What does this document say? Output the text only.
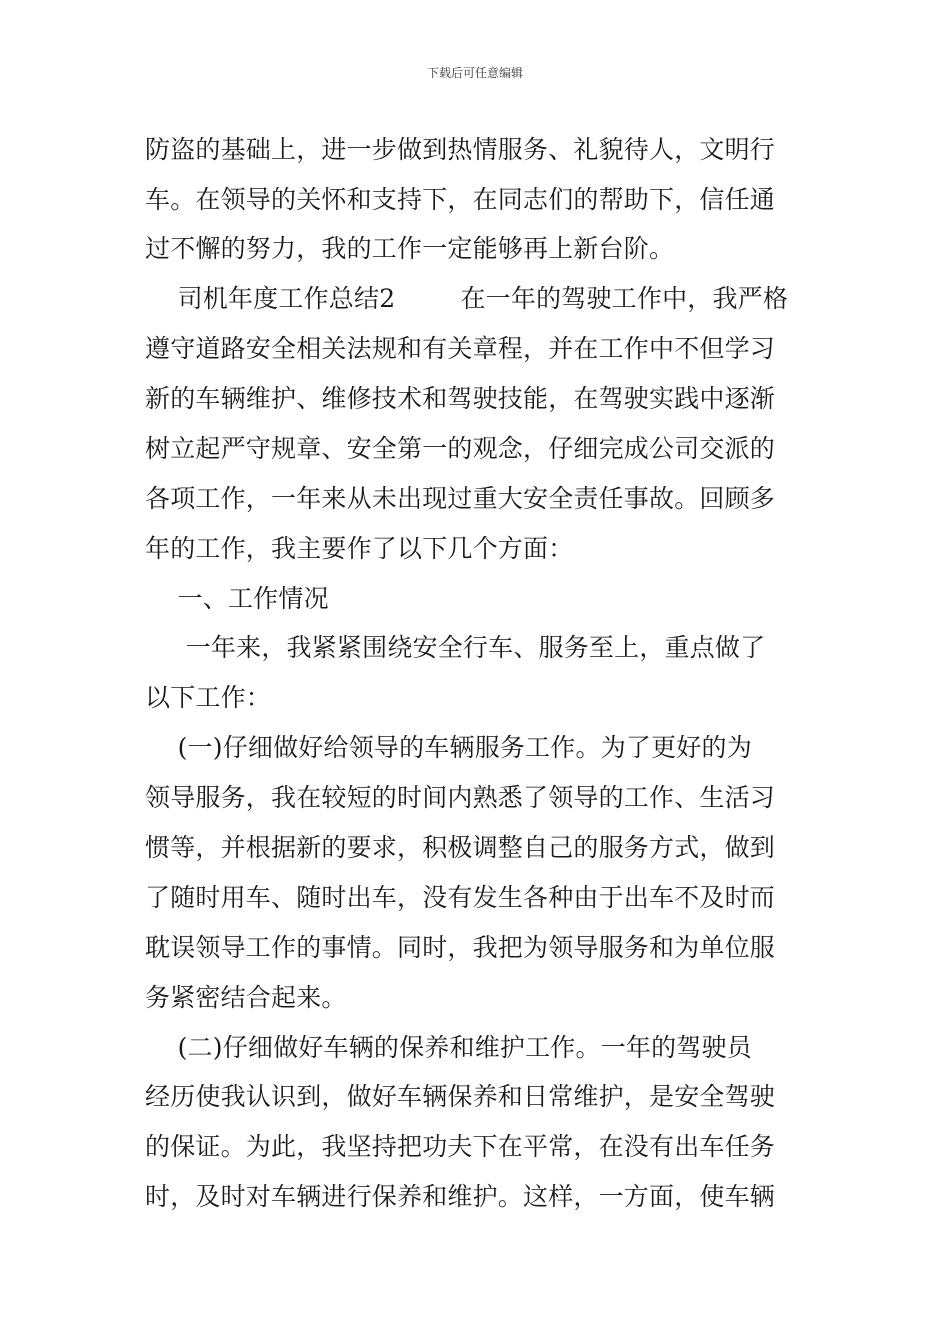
下载后可任意编辑
防盗的基础上，进一步做到热情服务、礼貌待人，文明行
车。在领导的关怀和支持下，在同志们的帮助下，信任通
过不懈的努力，我的工作一定能够再上新台阶。
司机年度工作总结2        在一年的驾驶工作中，我严格
遵守道路安全相关法规和有关章程，并在工作中不但学习
新的车辆维护、维修技术和驾驶技能，在驾驶实践中逐渐
树立起严守规章、安全第一的观念，仔细完成公司交派的
各项工作，一年来从未出现过重大安全责任事故。回顾多
年的工作，我主要作了以下几个方面：
一、工作情况
一年来，我紧紧围绕安全行车、服务至上，重点做了
以下工作：
(一)仔细做好给领导的车辆服务工作。为了更好的为
领导服务，我在较短的时间内熟悉了领导的工作、生活习
惯等，并根据新的要求，积极调整自己的服务方式，做到
了随时用车、随时出车，没有发生各种由于出车不及时而
耽误领导工作的事情。同时，我把为领导服务和为单位服
务紧密结合起来。
(二)仔细做好车辆的保养和维护工作。一年的驾驶员
经历使我认识到，做好车辆保养和日常维护，是安全驾驶
的保证。为此，我坚持把功夫下在平常，在没有出车任务
时，及时对车辆进行保养和维护。这样，一方面，使车辆
